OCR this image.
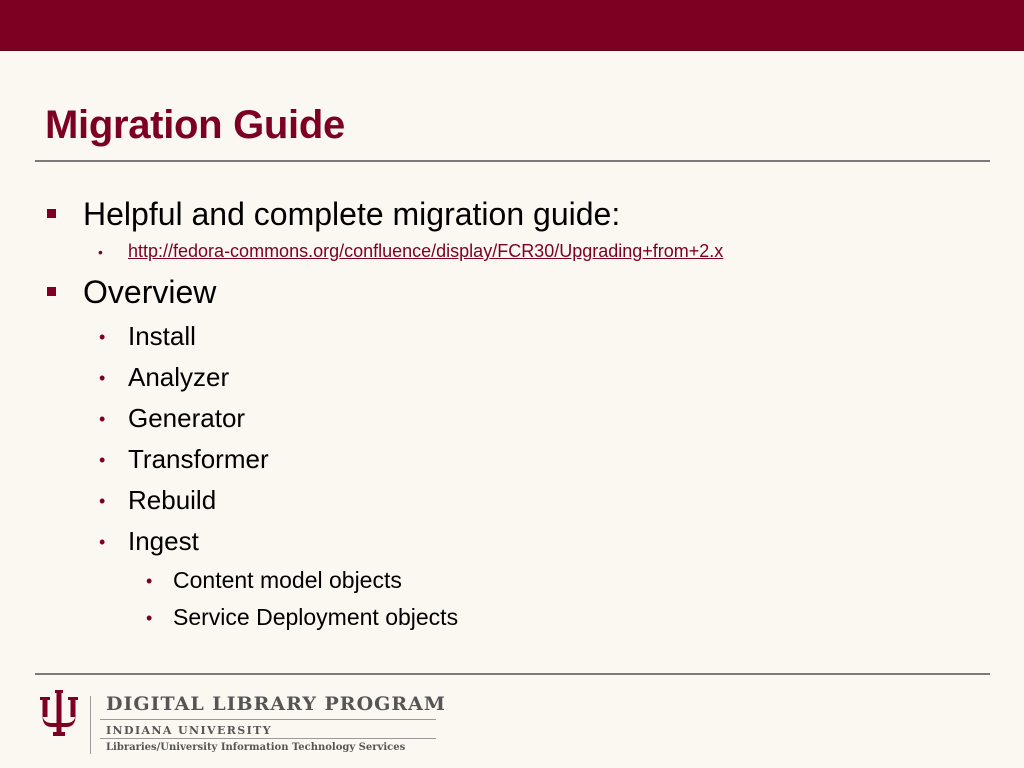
Migration Guide
Helpful and complete migration guide:
• http://fedora-commons.org/confluence/display/FCR30/Upgrading+from+2.x
Overview
• Install
• Analyzer
• Generator
• Transformer
• Rebuild
• Ingest
• Content model objects
• Service Deployment objects
DIGITAL LIBRARY PROGRAM
INDIANA UNIVERSITY
Libraries/University Information Technology Services
